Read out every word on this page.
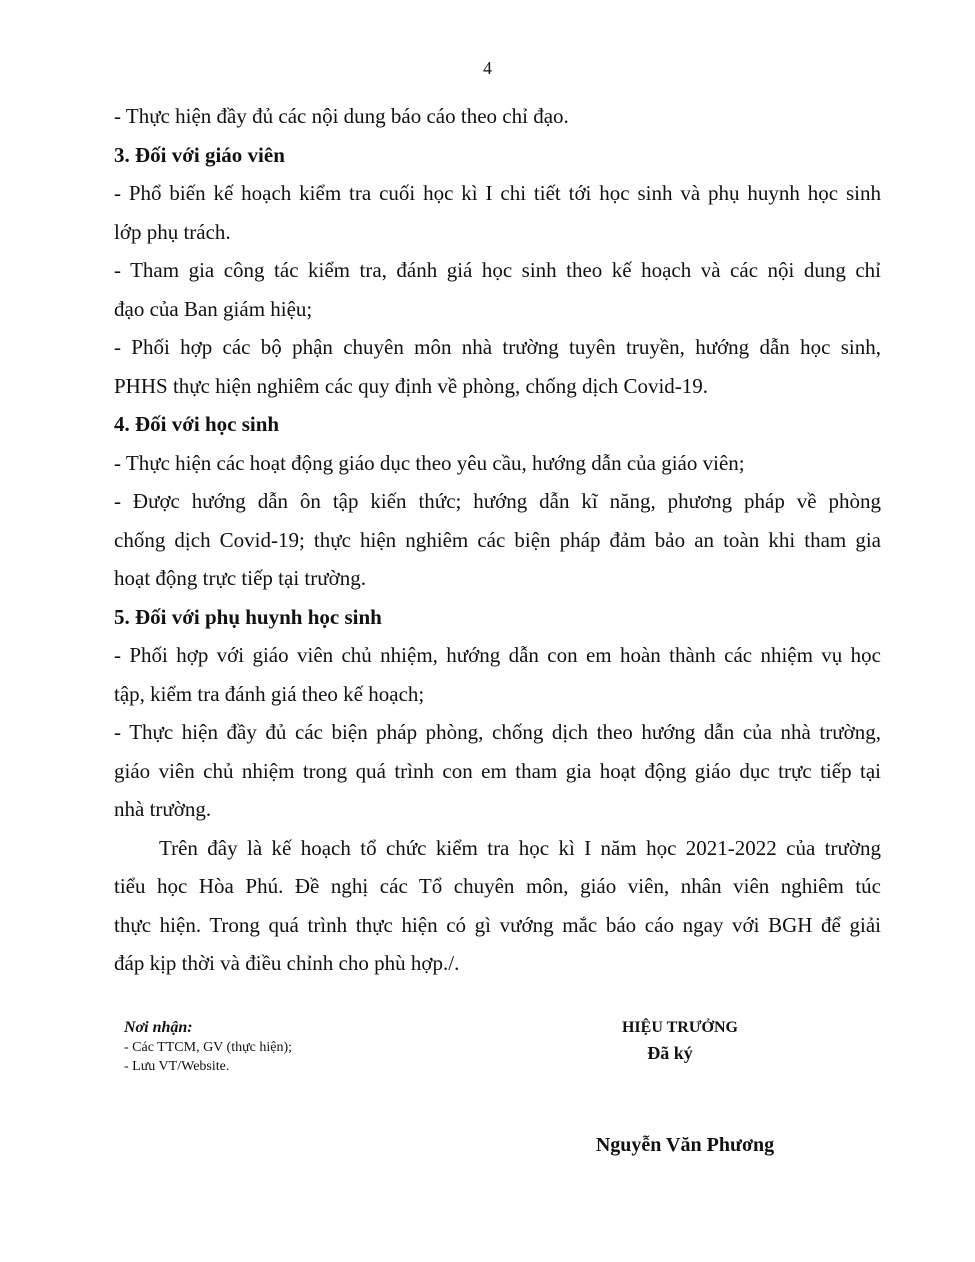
4
- Thực hiện đầy đủ các nội dung báo cáo theo chỉ đạo.
3. Đối với giáo viên
- Phổ biến kế hoạch kiểm tra cuối học kì I chi tiết tới học sinh và phụ huynh học sinh
lớp phụ trách.
- Tham gia công tác kiểm tra, đánh giá học sinh theo kế hoạch và các nội dung chỉ
đạo của Ban giám hiệu;
- Phối hợp các bộ phận chuyên môn nhà trường tuyên truyền, hướng dẫn học sinh,
PHHS thực hiện nghiêm các quy định về phòng, chống dịch Covid-19.
4. Đối với học sinh
- Thực hiện các hoạt động giáo dục theo yêu cầu, hướng dẫn của giáo viên;
- Được hướng dẫn ôn tập kiến thức; hướng dẫn kĩ năng, phương pháp về phòng
chống dịch Covid-19; thực hiện nghiêm các biện pháp đảm bảo an toàn khi tham gia
hoạt động trực tiếp tại trường.
5. Đối với phụ huynh học sinh
- Phối hợp với giáo viên chủ nhiệm, hướng dẫn con em hoàn thành các nhiệm vụ học
tập, kiểm tra đánh giá theo kế hoạch;
- Thực hiện đầy đủ các biện pháp phòng, chống dịch theo hướng dẫn của nhà trường,
giáo viên chủ nhiệm trong quá trình con em tham gia hoạt động giáo dục trực tiếp tại
nhà trường.
Trên đây là kế hoạch tổ chức kiểm tra học kì I năm học 2021-2022 của trường
tiểu học Hòa Phú. Đề nghị các Tổ chuyên môn, giáo viên, nhân viên nghiêm túc
thực hiện. Trong quá trình thực hiện có gì vướng mắc báo cáo ngay với BGH để giải
đáp kịp thời và điều chỉnh cho phù hợp./.
Nơi nhận:
- Các TTCM, GV (thực hiện);
- Lưu VT/Website.
HIỆU TRƯỞNG
Đã ký
Nguyễn Văn Phương
